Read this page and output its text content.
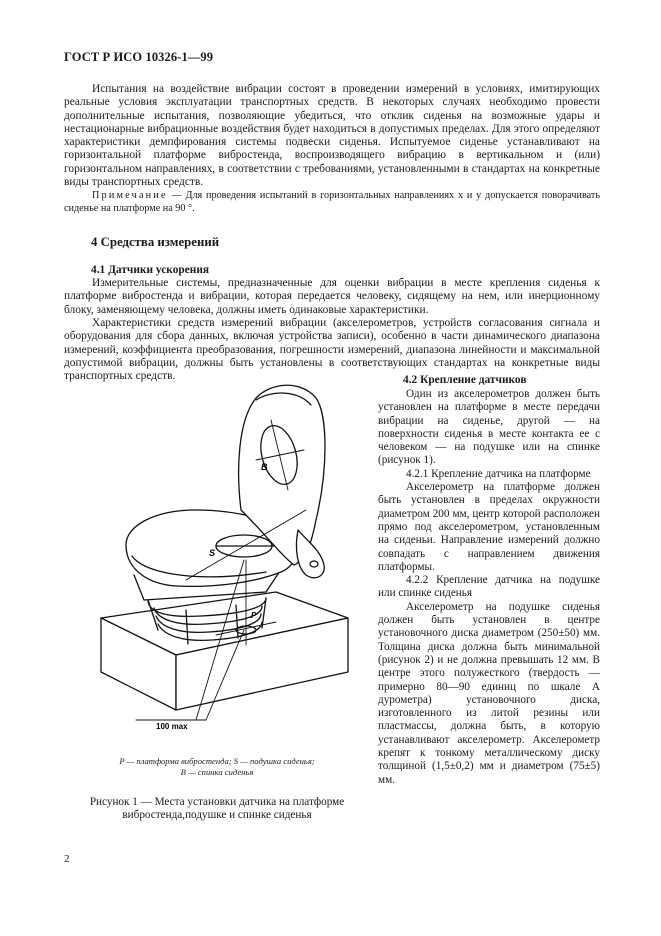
ГОСТ Р ИСО 10326-1—99

Испытания на воздействие вибрации состоят в проведении измерений в условиях, имитирующих реальные условия эксплуатации транспортных средств. В некоторых случаях необходимо провести дополнительные испытания, позволяющие убедиться, что отклик сиденья на возможные удары и нестационарные вибрационные воздействия будет находиться в допустимых пределах. Для этого определяют характеристики демпфирования системы подвески сиденья. Испытуемое сиденье устанавливают на горизонтальной платформе вибростенда, воспроизводящего вибрацию в вертикальном и (или) горизонтальном направлениях, в соответствии с требованиями, установленными в стандартах на конкретные виды транспортных средств.

Примечание — Для проведения испытаний в горизонтальных направлениях x и y допускается поворачивать сиденье на платформе на 90 °.
4 Средства измерений
4.1 Датчики ускорения

Измерительные системы, предназначенные для оценки вибрации в месте крепления сиденья к платформе вибростенда и вибрации, которая передается человеку, сидящему на нем, или инерционному блоку, заменяющему человека, должны иметь одинаковые характеристики.

Характеристики средств измерений вибрации (акселерометров, устройств согласования сигнала и оборудования для сбора данных, включая устройства записи), особенно в части динамического диапазона измерений, коэффициента преобразования, погрешности измерений, диапазона линейности и максимальной допустимой вибрации, должны быть установлены в соответствующих стандартах на конкретные виды транспортных средств.	4.2 Крепление датчиков

Один из акселерометров должен быть установлен на платформе в месте передачи вибрации на сиденье, другой — на поверхности сиденья в месте контакта ее с человеком — на подушке или на спинке (рисунок 1).

4.2.1 Крепление датчика на платформе

Акселерометр на платформе должен быть установлен в пределах окружности диаметром 200 мм, центр которой расположен прямо под акселерометром, установленным на сиденьи. Направление измерений должно совпадать с направлением движения платформы.

4.2.2 Крепление датчика на подушке или спинке сиденья

Акселерометр на подушке сиденья должен быть установлен в центре установочного диска диаметром (250±50) мм. Толщина диска должна быть минимальной (рисунок 2) и не должна превышать 12 мм. В центре этого полужесткого (твердость — примерно 80—90 единиц по шкале А дурометра) установочного диска, изготовленного из литой резины или пластмассы, должна быть, в которую устанавливают акселерометр. Акселерометр крепят к тонкому металлическому диску толщиной (1,5±0,2) мм и диаметром (75±5) мм.

B
S
P
100 max
P — платформа вибростенда; S — подушка сиденья;
B — спинка сиденья
Рисунок 1 — Места установки датчика на платформе
вибростенда,подушке и спинке сиденья
2
